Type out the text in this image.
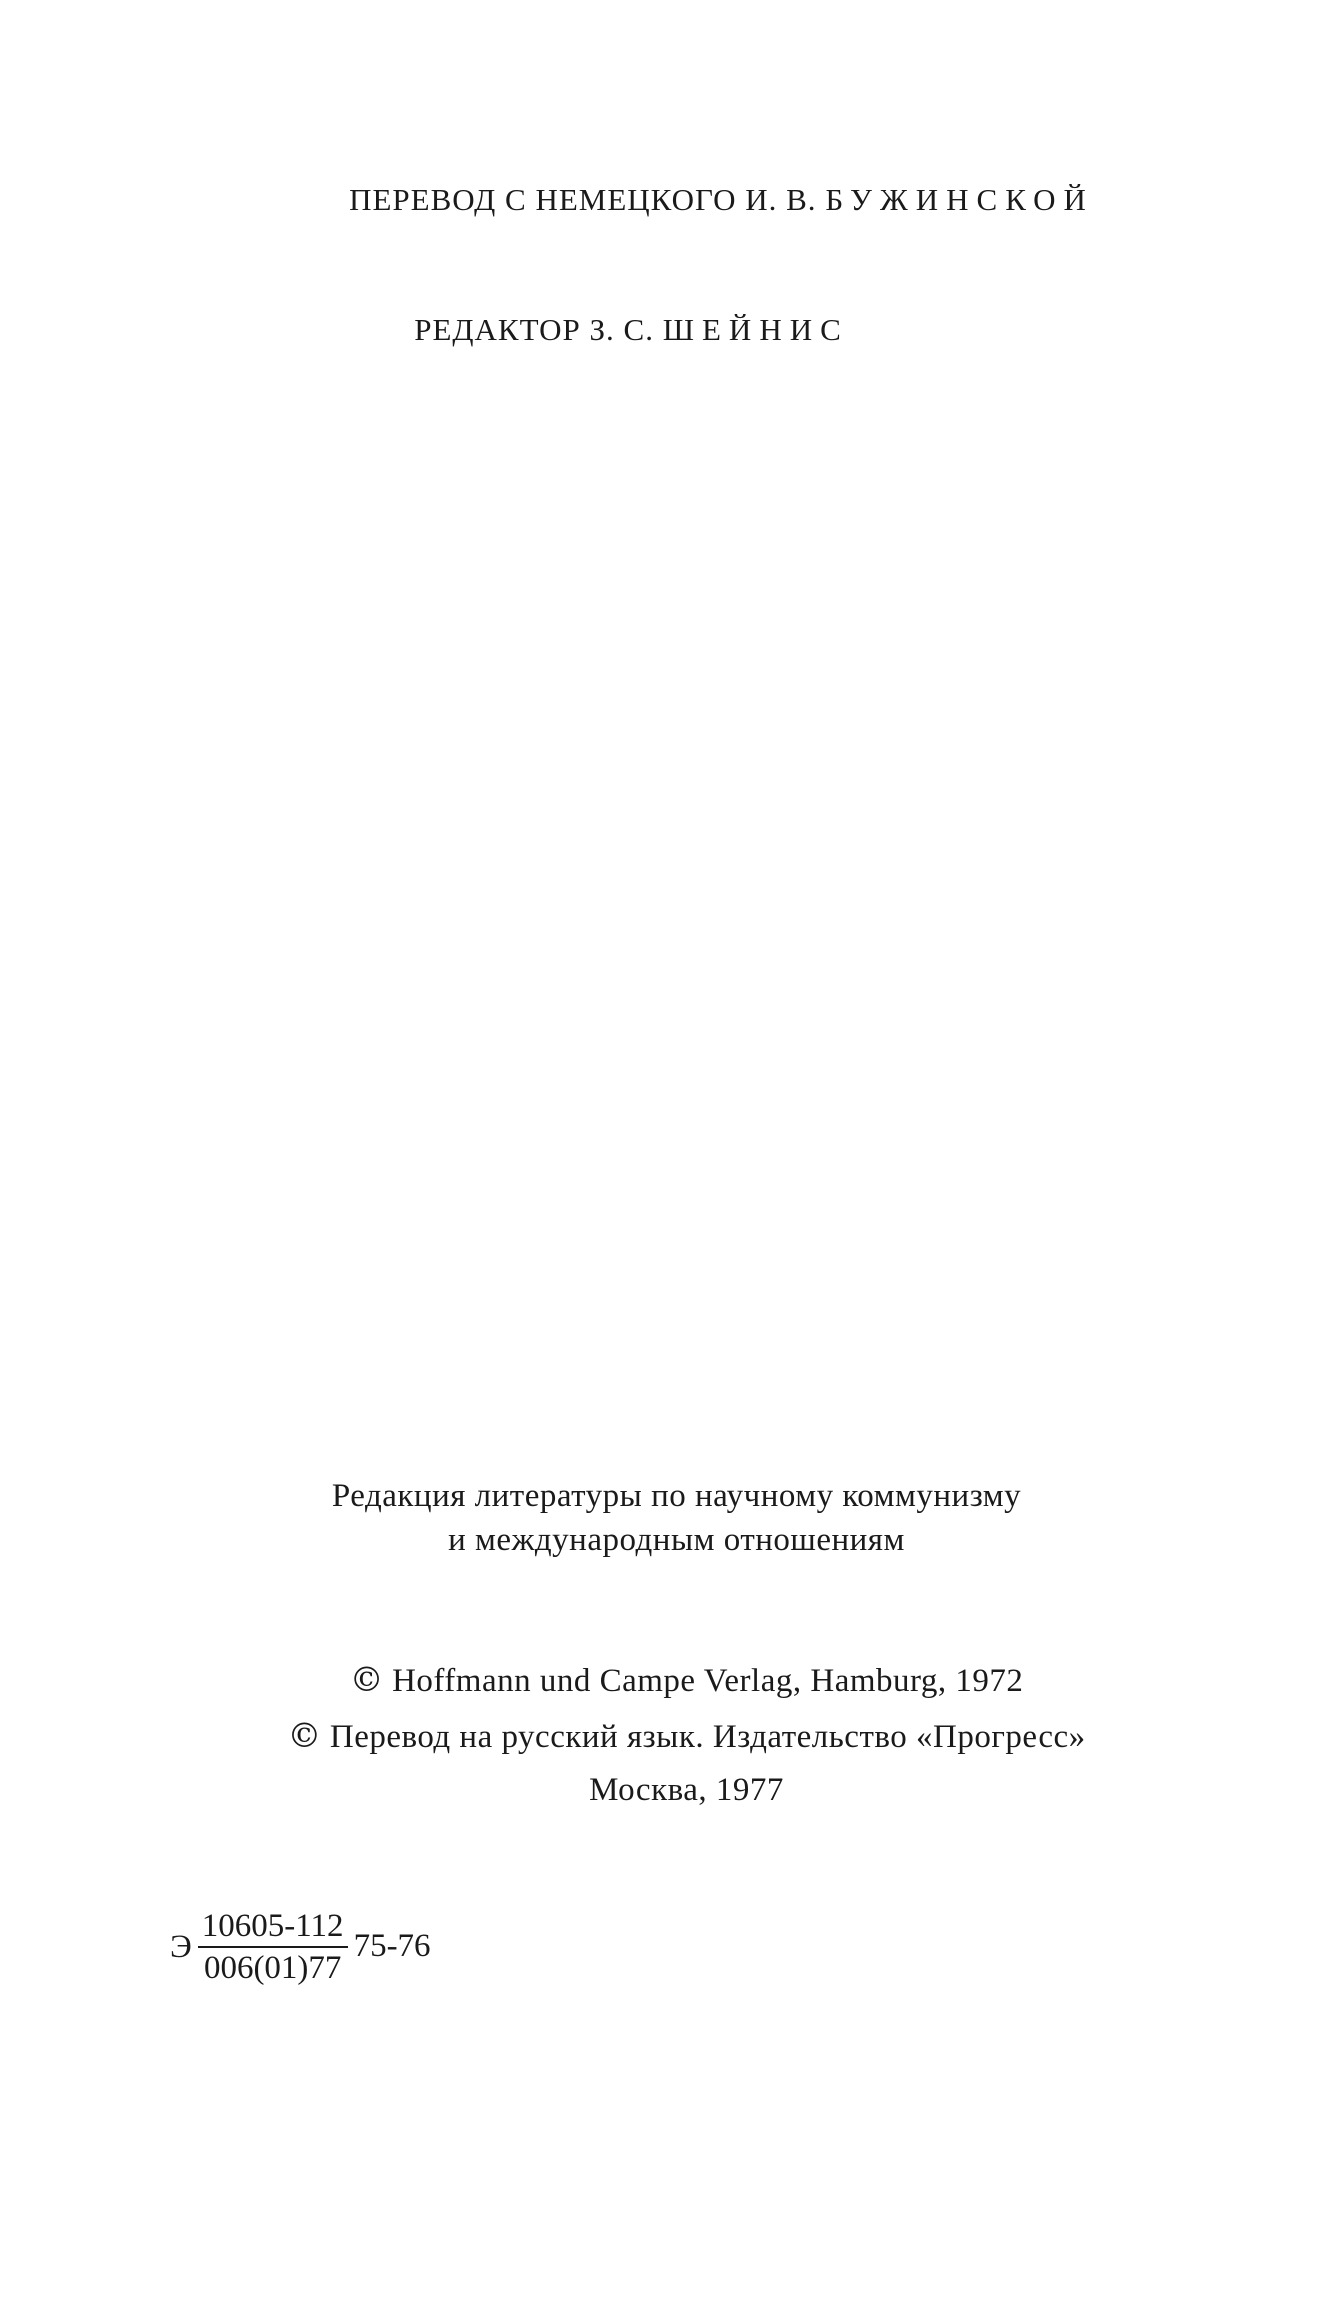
ПЕРЕВОД С НЕМЕЦКОГО И. В. БУЖИНСКОЙ
РЕДАКТОР З. С. ШЕЙНИС
Редакция литературы по научному коммунизму
и международным отношениям
© Hoffmann und Campe Verlag, Hamburg, 1972
© Перевод на русский язык. Издательство «Прогресс»
Москва, 1977
Э $\frac{10605-112}{006(01)77} 75-76$
